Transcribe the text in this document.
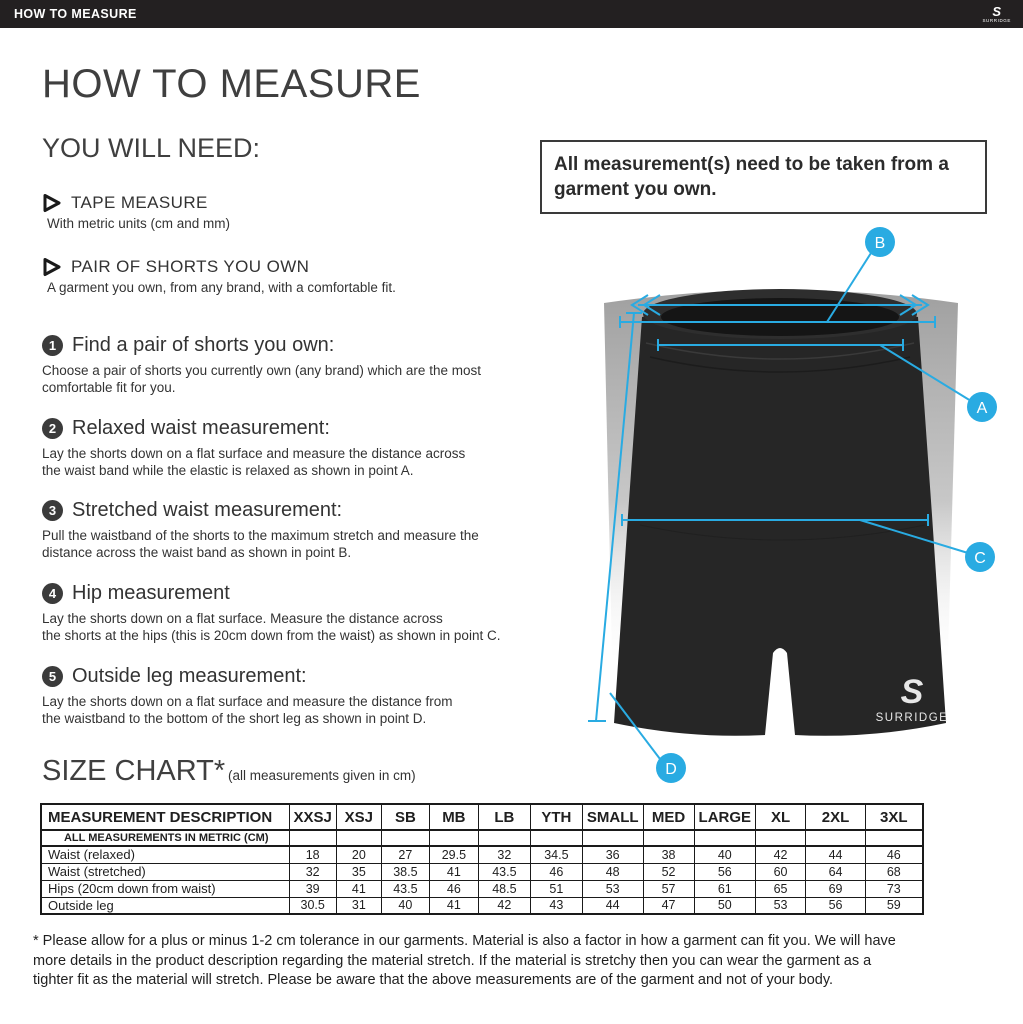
HOW TO MEASURE	S
SURRIDGE
HOW TO MEASURE
YOU WILL NEED:
TAPE MEASURE
With metric units (cm and mm)
PAIR OF SHORTS YOU OWN
A garment you own, from any brand, with a comfortable fit.
1 Find a pair of shorts you own:
Choose a pair of shorts you currently own (any brand) which are the most
comfortable fit for you.
2 Relaxed waist measurement:
Lay the shorts down on a flat surface and measure the distance across
the waist band while the elastic is relaxed as shown in point A.
3 Stretched waist measurement:
Pull the waistband of the shorts to the maximum stretch and measure the
distance across the waist band as shown in point B.
4 Hip measurement
Lay the shorts down on a flat surface. Measure the distance across
the shorts at the hips (this is 20cm down from the waist) as shown in point C.
5 Outside leg measurement:
Lay the shorts down on a flat surface and measure the distance from
the waistband to the bottom of the short leg as shown in point D.
All measurement(s) need to be taken from a garment you own.
S
SURRIDGE
B
A
C
D
SIZE CHART* (all measurements given in cm)
MEASUREMENT DESCRIPTION	XXSJ	XSJ	SB	MB	LB	YTH	SMALL	MED	LARGE	XL	2XL	3XL
ALL MEASUREMENTS IN METRIC (CM)												
Waist (relaxed)	18	20	27	29.5	32	34.5	36	38	40	42	44	46
Waist (stretched)	32	35	38.5	41	43.5	46	48	52	56	60	64	68
Hips (20cm down from waist)	39	41	43.5	46	48.5	51	53	57	61	65	69	73
Outside leg	30.5	31	40	41	42	43	44	47	50	53	56	59
* Please allow for a plus or minus 1-2 cm tolerance in our garments. Material is also a factor in how a garment can fit you. We will have
more details in the product description regarding the material stretch. If the material is stretchy then you can wear the garment as a
tighter fit as the material will stretch. Please be aware that the above measurements are of the garment and not of your body.
